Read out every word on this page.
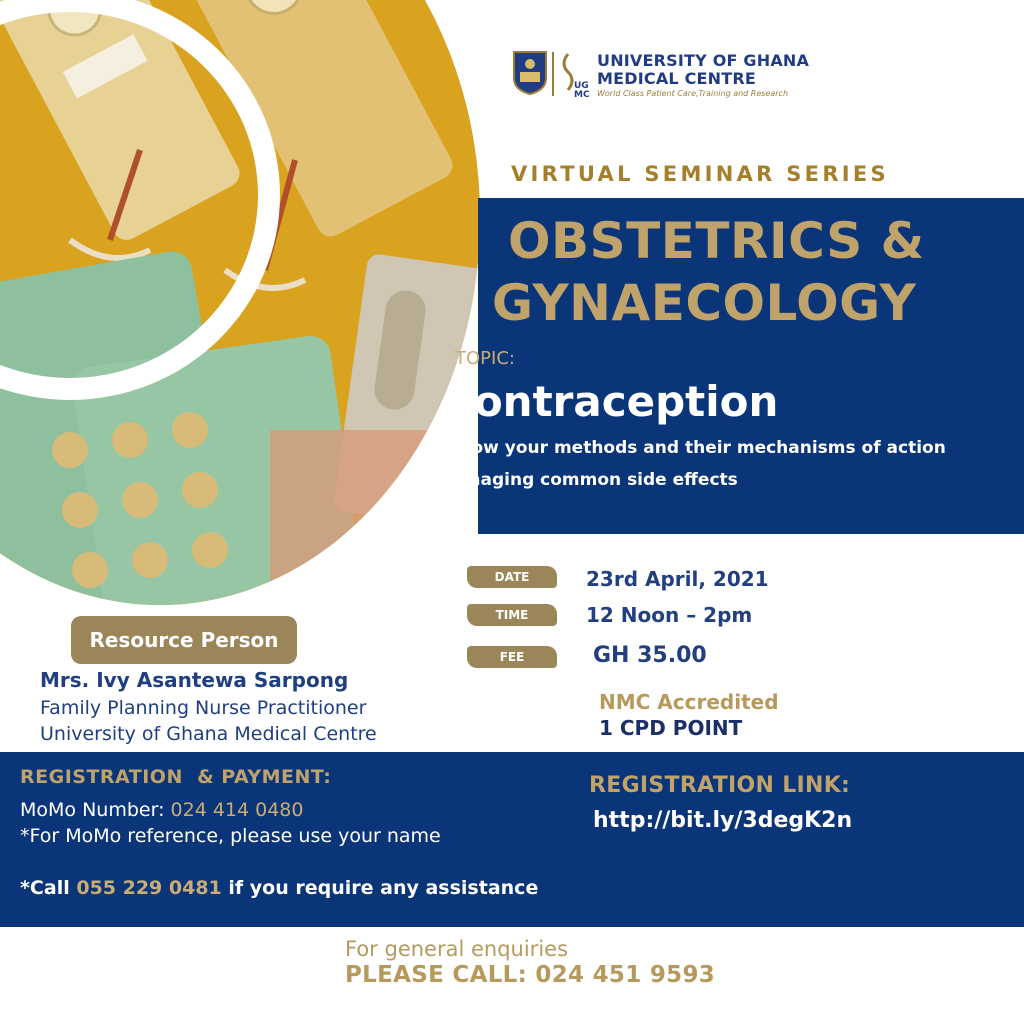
UG
MC
UNIVERSITY OF GHANA
MEDICAL CENTRE
World Class Patient Care,Training and Research
VIRTUAL SEMINAR SERIES
OBSTETRICS &
GYNAECOLOGY
TOPIC:
Contraception
i. Know your methods and their mechanisms of action
ii. Managing common side effects
DATE	23rd April, 2021
TIME	12 Noon – 2pm
FEE	GH 35.00
NMC Accredited
1 CPD POINT
Resource Person
Mrs. Ivy Asantewa Sarpong
Family Planning Nurse Practitioner
University of Ghana Medical Centre
REGISTRATION  & PAYMENT:
MoMo Number: 024 414 0480
*For MoMo reference, please use your name
*Call 055 229 0481 if you require any assistance
REGISTRATION LINK:
http://bit.ly/3degK2n
For general enquiries
PLEASE CALL: 024 451 9593
